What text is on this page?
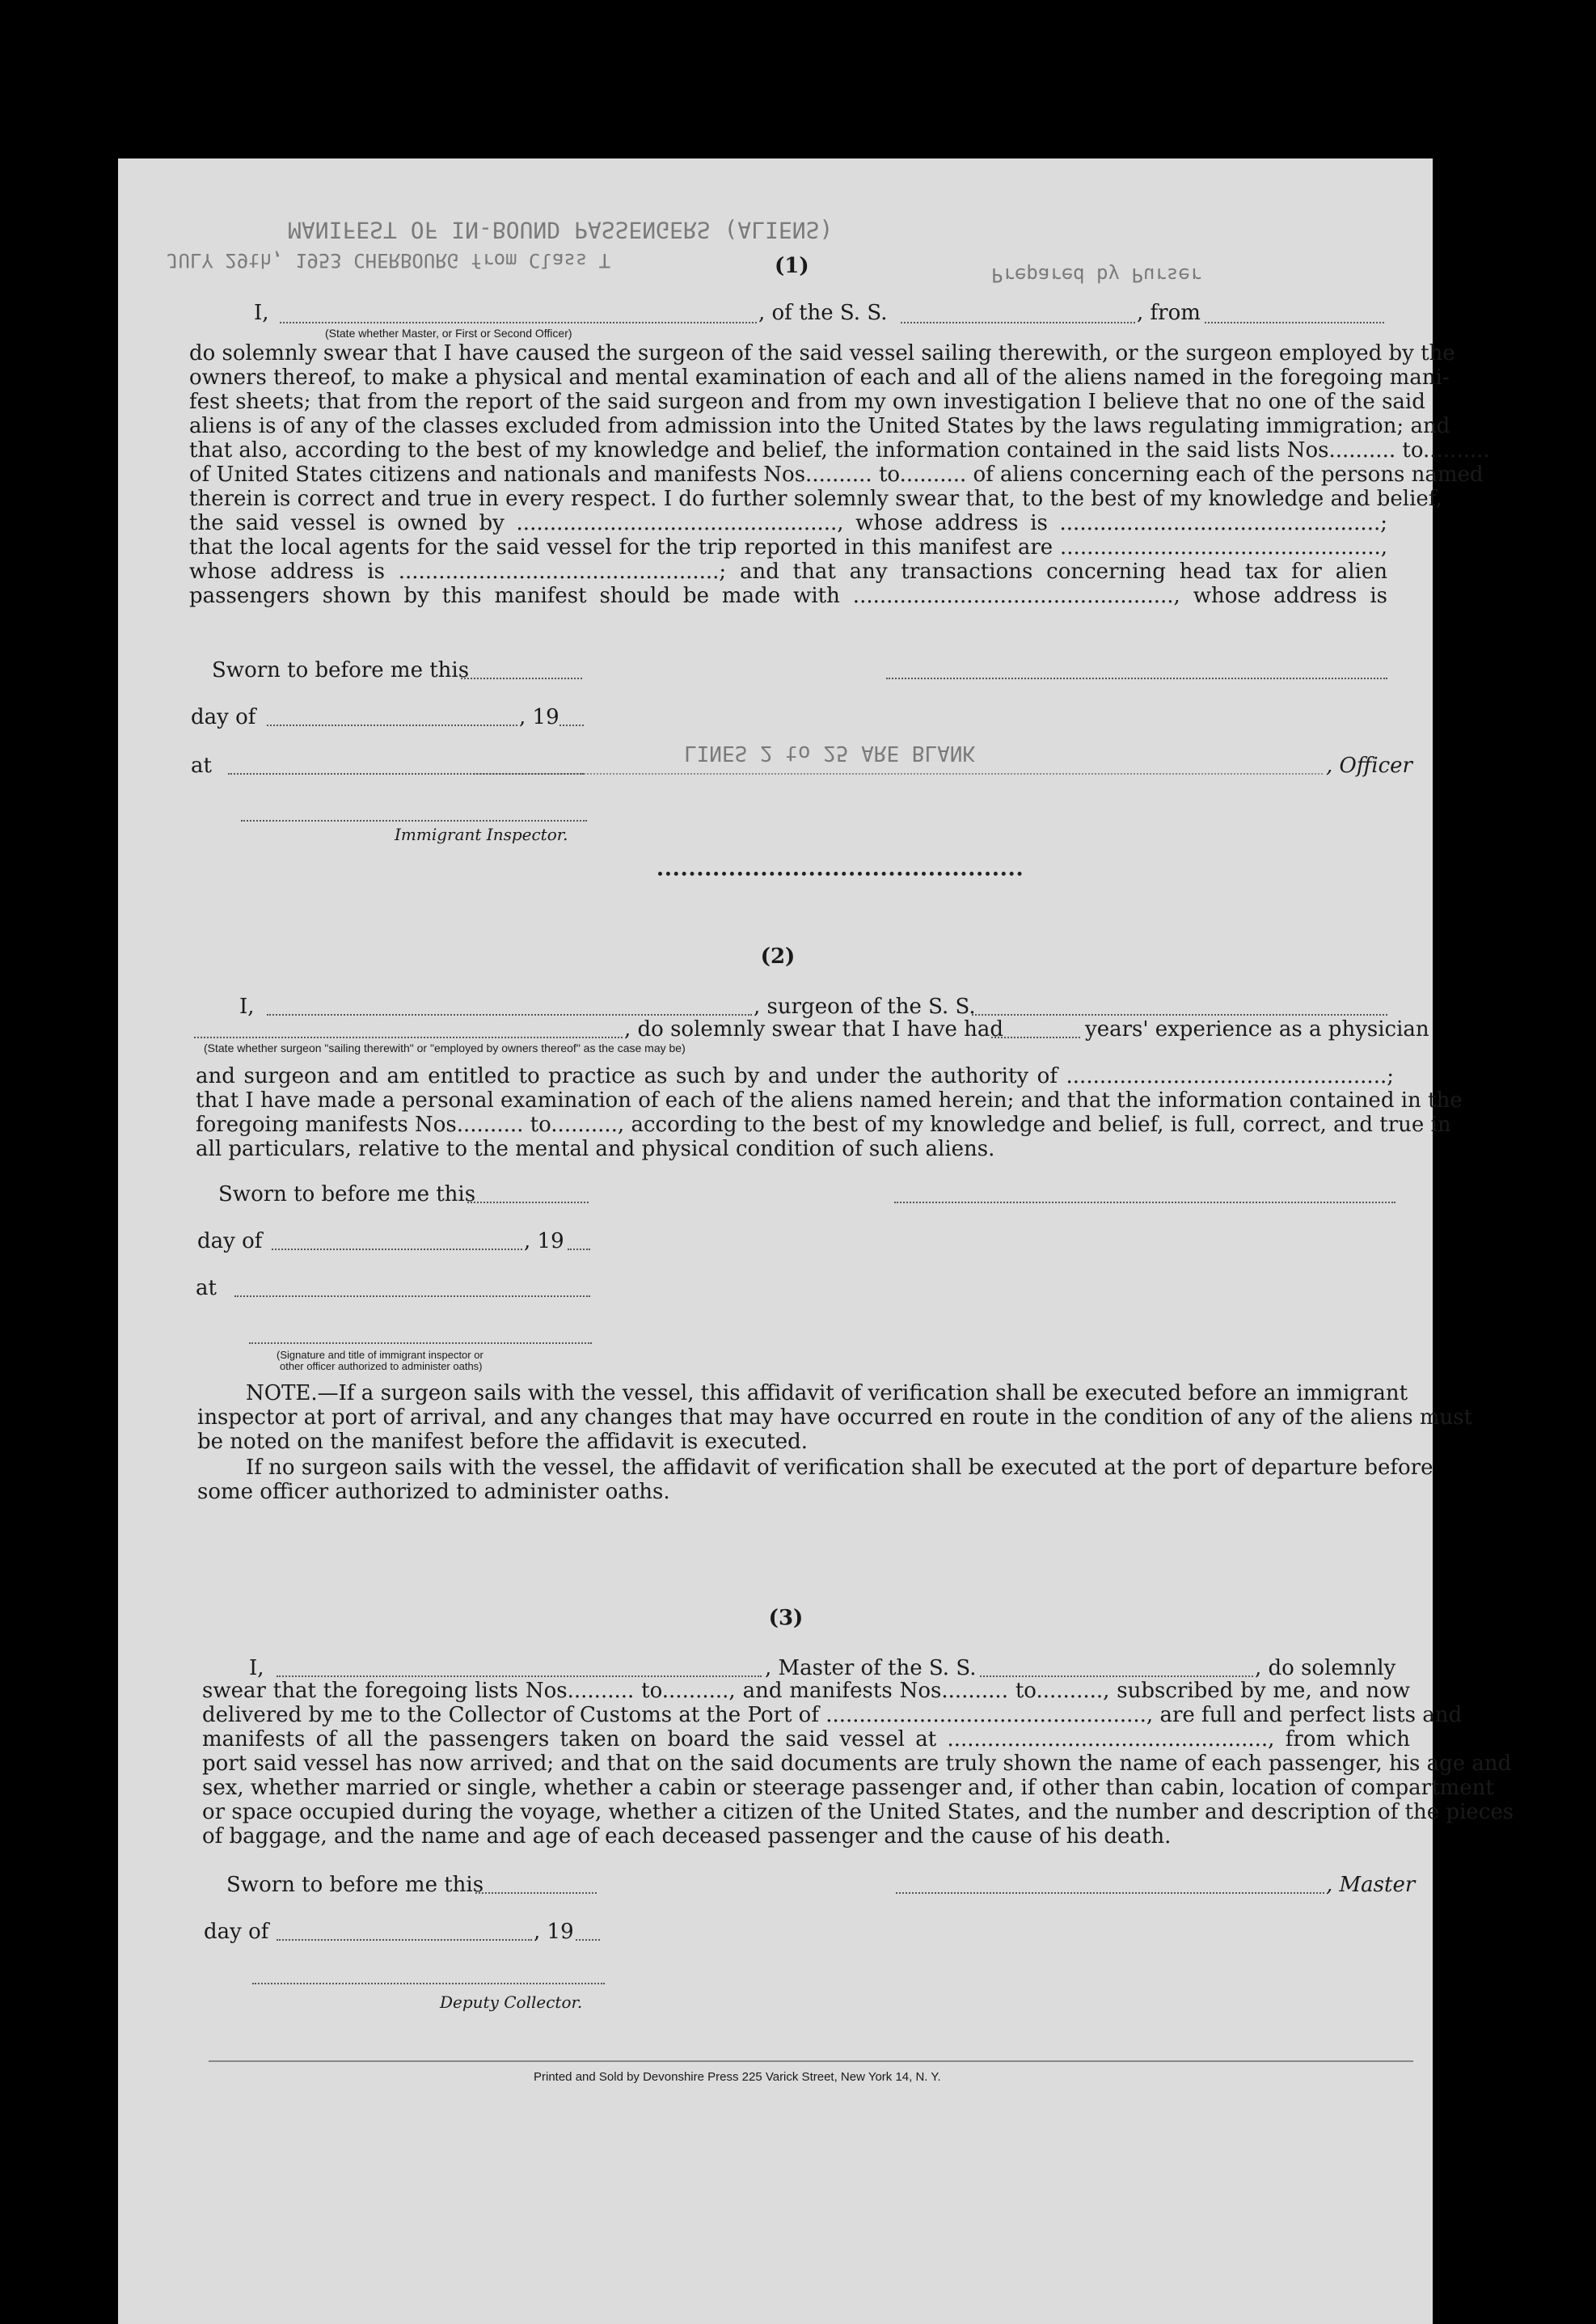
MANIFEST OF IN-BOUND PASSENGERS (ALIENS)
JULY 29th, 1953 CHERBOURG from Class T
Prepared by Purser
(1)
I,	, of the S. S.	, from
(State whether Master, or First or Second Officer)
do solemnly swear that I have caused the surgeon of the said vessel sailing therewith, or the surgeon employed by the
owners thereof, to make a physical and mental examination of each and all of the aliens named in the foregoing mani-
fest sheets; that from the report of the said surgeon and from my own investigation I believe that no one of the said
aliens is of any of the classes excluded from admission into the United States by the laws regulating immigration; and
that also, according to the best of my knowledge and belief, the information contained in the said lists Nos.......... to..........
of United States citizens and nationals and manifests Nos.......... to.......... of aliens concerning each of the persons named
therein is correct and true in every respect. I do further solemnly swear that, to the best of my knowledge and belief,
the said vessel is owned by ................................................, whose address is ................................................;
that the local agents for the said vessel for the trip reported in this manifest are ................................................,
whose address is ................................................; and that any transactions concerning head tax for alien
passengers shown by this manifest should be made with ................................................, whose address is
Sworn to before me this
day of	, 19
at	, Officer
LINES 2 to 25 ARE BLANK
Immigrant Inspector.
(2)
I,	, surgeon of the S. S.
, do solemnly swear that I have had	years' experience as a physician
(State whether surgeon "sailing therewith" or "employed by owners thereof" as the case may be)
and surgeon and am entitled to practice as such by and under the authority of ................................................;
that I have made a personal examination of each of the aliens named herein; and that the information contained in the
foregoing manifests Nos.......... to.........., according to the best of my knowledge and belief, is full, correct, and true in
all particulars, relative to the mental and physical condition of such aliens.
Sworn to before me this
day of	, 19
at
(Signature and title of immigrant inspector or
other officer authorized to administer oaths)
NOTE.—If a surgeon sails with the vessel, this affidavit of verification shall be executed before an immigrant
inspector at port of arrival, and any changes that may have occurred en route in the condition of any of the aliens must
be noted on the manifest before the affidavit is executed.
If no surgeon sails with the vessel, the affidavit of verification shall be executed at the port of departure before
some officer authorized to administer oaths.
(3)
I,	, Master of the S. S.	, do solemnly
swear that the foregoing lists Nos.......... to.........., and manifests Nos.......... to.........., subscribed by me, and now
delivered by me to the Collector of Customs at the Port of ................................................, are full and perfect lists and
manifests of all the passengers taken on board the said vessel at ................................................, from which
port said vessel has now arrived; and that on the said documents are truly shown the name of each passenger, his age and
sex, whether married or single, whether a cabin or steerage passenger and, if other than cabin, location of compartment
or space occupied during the voyage, whether a citizen of the United States, and the number and description of the pieces
of baggage, and the name and age of each deceased passenger and the cause of his death.
Sworn to before me this	, Master
day of	, 19
Deputy Collector.
Printed and Sold by Devonshire Press 225 Varick Street, New York 14, N. Y.
